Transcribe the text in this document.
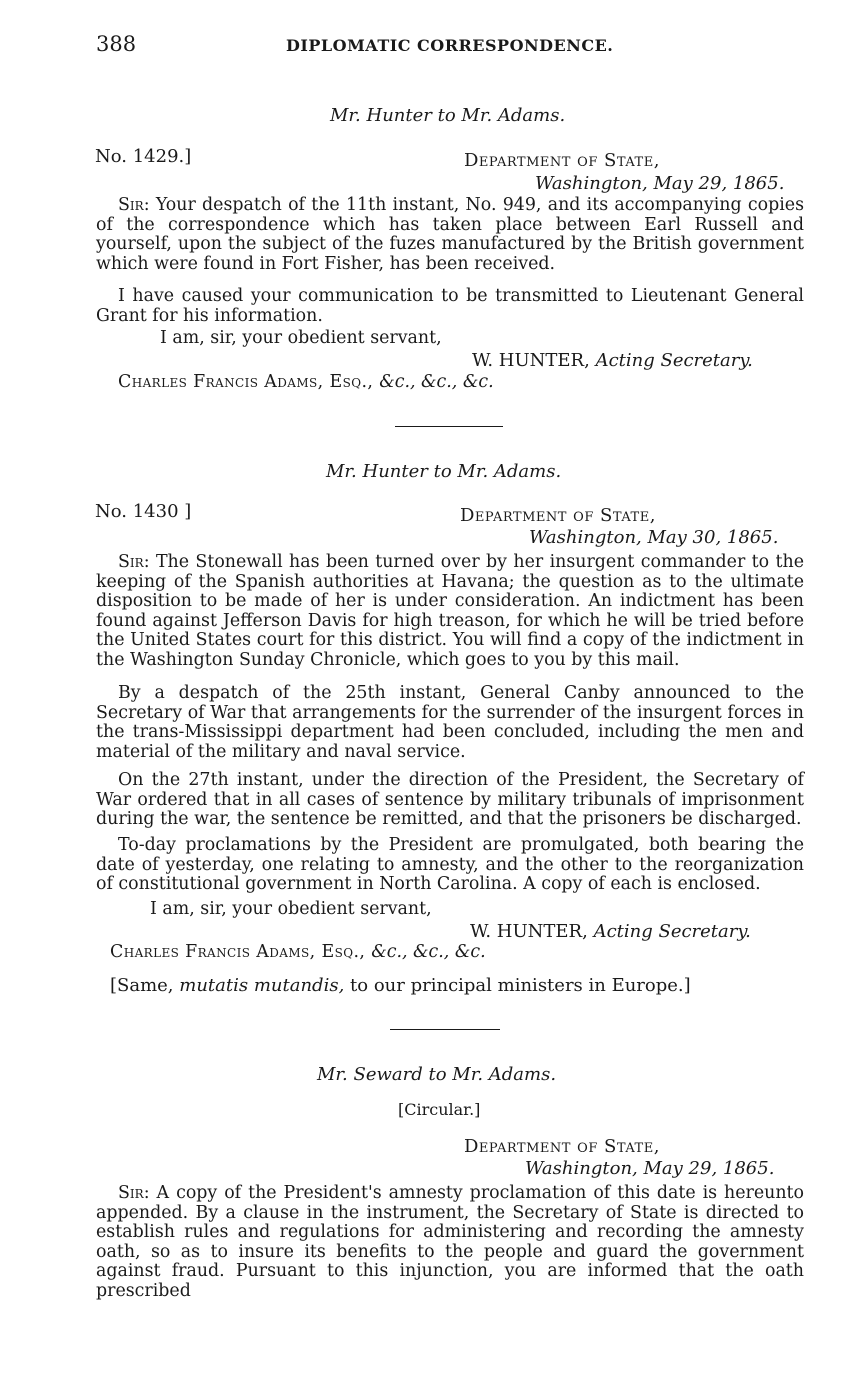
388	DIPLOMATIC CORRESPONDENCE.
Mr. Hunter to Mr. Adams.
No. 1429.]	Department of State,
Washington, May 29, 1865.
Sir: Your despatch of the 11th instant, No. 949, and its accompanying copies of the correspondence which has taken place between Earl Russell and yourself, upon the subject of the fuzes manufactured by the British government which were found in Fort Fisher, has been received.
I have caused your communication to be transmitted to Lieutenant General Grant for his information.
I am, sir, your obedient servant,
W. HUNTER, Acting Secretary.
Charles Francis Adams, Esq., &c., &c., &c.
Mr. Hunter to Mr. Adams.
No. 1430 ]	Department of State,
Washington, May 30, 1865.
Sir: The Stonewall has been turned over by her insurgent commander to the keeping of the Spanish authorities at Havana; the question as to the ultimate disposition to be made of her is under consideration. An indictment has been found against Jefferson Davis for high treason, for which he will be tried before the United States court for this district. You will find a copy of the indictment in the Washington Sunday Chronicle, which goes to you by this mail.
By a despatch of the 25th instant, General Canby announced to the Secretary of War that arrangements for the surrender of the insurgent forces in the trans-Mississippi department had been concluded, including the men and material of the military and naval service.
On the 27th instant, under the direction of the President, the Secretary of War ordered that in all cases of sentence by military tribunals of imprisonment during the war, the sentence be remitted, and that the prisoners be discharged.
To-day proclamations by the President are promulgated, both bearing the date of yesterday, one relating to amnesty, and the other to the reorganization of constitutional government in North Carolina. A copy of each is enclosed.
I am, sir, your obedient servant,
W. HUNTER, Acting Secretary.
Charles Francis Adams, Esq., &c., &c., &c.
[Same, mutatis mutandis, to our principal ministers in Europe.]
Mr. Seward to Mr. Adams.
[Circular.]
Department of State,
Washington, May 29, 1865.
Sir: A copy of the President's amnesty proclamation of this date is hereunto appended. By a clause in the instrument, the Secretary of State is directed to establish rules and regulations for administering and recording the amnesty oath, so as to insure its benefits to the people and guard the government against fraud. Pursuant to this injunction, you are informed that the oath prescribed
